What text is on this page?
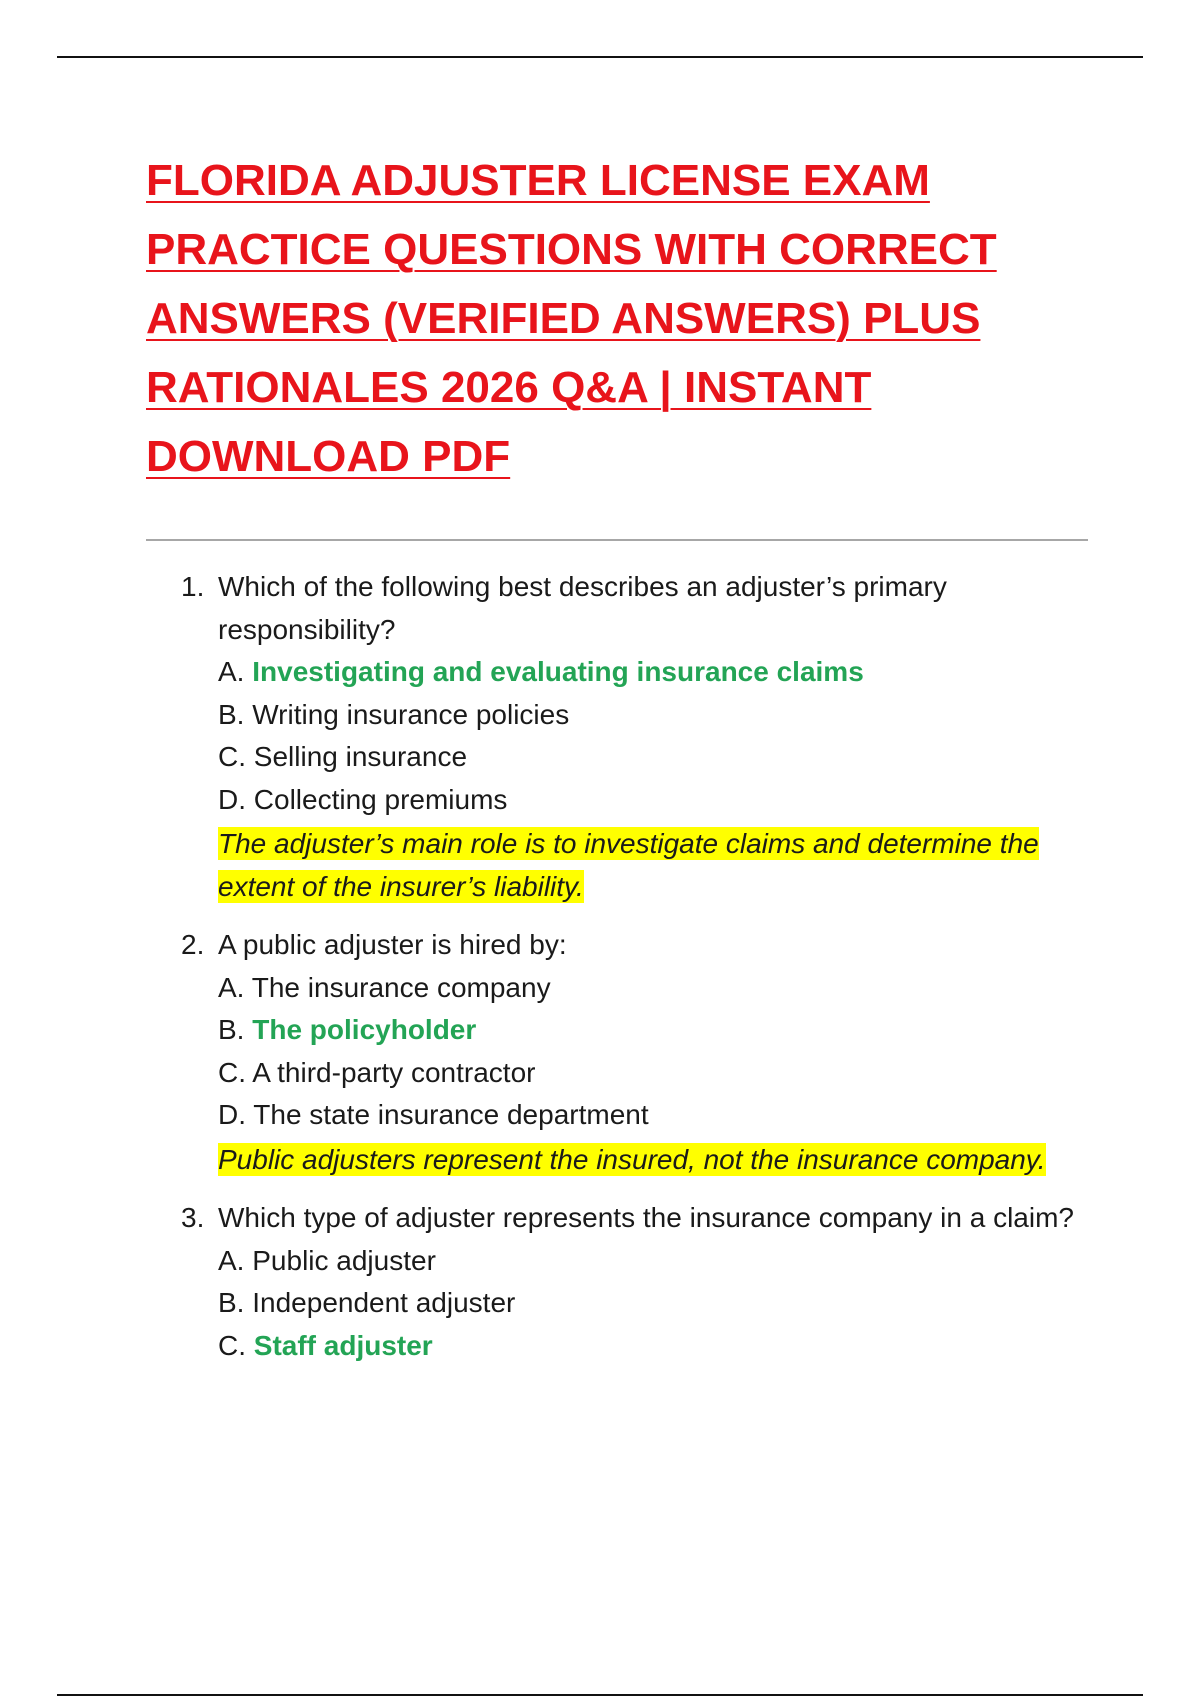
FLORIDA ADJUSTER LICENSE EXAM
PRACTICE QUESTIONS WITH CORRECT
ANSWERS (VERIFIED ANSWERS) PLUS
RATIONALES 2026 Q&A | INSTANT
DOWNLOAD PDF
1. Which of the following best describes an adjuster’s primary responsibility?
A. Investigating and evaluating insurance claims
B. Writing insurance policies
C. Selling insurance
D. Collecting premiums
The adjuster’s main role is to investigate claims and determine the extent of the insurer’s liability.
2. A public adjuster is hired by:
A. The insurance company
B. The policyholder
C. A third-party contractor
D. The state insurance department
Public adjusters represent the insured, not the insurance company.
3. Which type of adjuster represents the insurance company in a claim?
A. Public adjuster
B. Independent adjuster
C. Staff adjuster
